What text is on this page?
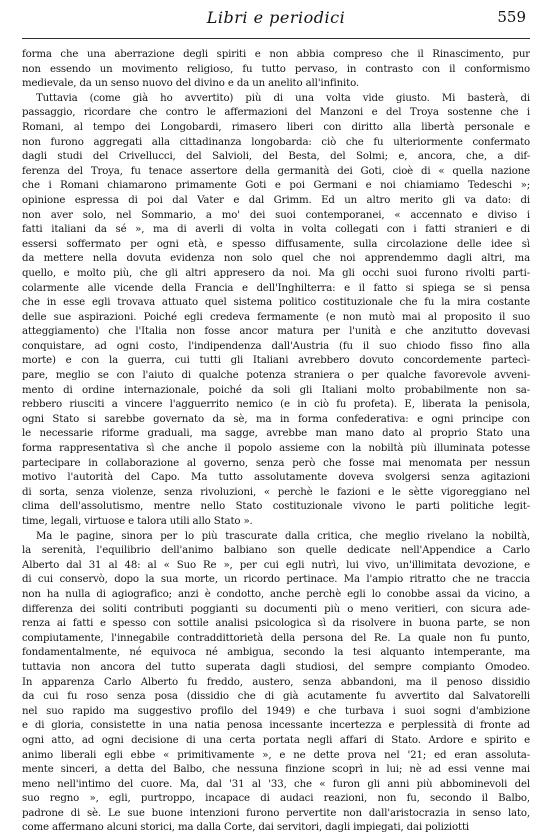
Libri e periodici	559
forma che una aberrazione degli spiriti e non abbia compreso che il Rinascimento, pur
non essendo un movimento religioso, fu tutto pervaso, in contrasto con il conformismo
medievale, da un senso nuovo del divino e da un anelito all'infinito.
Tuttavia (come già ho avvertito) più di una volta vide giusto. Mi basterà, di
passaggio, ricordare che contro le affermazioni del Manzoni e del Troya sostenne che i
Romani, al tempo dei Longobardi, rimasero liberi con diritto alla libertà personale e
non furono aggregati alla cittadinanza longobarda: ciò che fu ulteriormente confermato
dagli studi del Crivellucci, del Salvioli, del Besta, del Solmi; e, ancora, che, a dif-
ferenza del Troya, fu tenace assertore della germanità dei Goti, cioè di « quella nazione
che i Romani chiamarono primamente Goti e poi Germani e noi chiamiamo Tedeschi »;
opinione espressa di poi dal Vater e dal Grimm. Ed un altro merito gli va dato: di
non aver solo, nel Sommario, a mo' dei suoi contemporanei, « accennato e diviso i
fatti italiani da sé », ma di averli di volta in volta collegati con i fatti stranieri e di
essersi soffermato per ogni età, e spesso diffusamente, sulla circolazione delle idee sì
da mettere nella dovuta evidenza non solo quel che noi apprendemmo dagli altri, ma
quello, e molto più, che gli altri appresero da noi. Ma gli occhi suoi furono rivolti parti-
colarmente alle vicende della Francia e dell'Inghilterra: e il fatto si spiega se si pensa
che in esse egli trovava attuato quel sistema politico costituzionale che fu la mira costante
delle sue aspirazioni. Poiché egli credeva fermamente (e non mutò mai al proposito il suo
atteggiamento) che l'Italia non fosse ancor matura per l'unità e che anzitutto dovevasi
conquistare, ad ogni costo, l'indipendenza dall'Austria (fu il suo chiodo fisso fino alla
morte) e con la guerra, cui tutti gli Italiani avrebbero dovuto concordemente partecì-
pare, meglio se con l'aiuto di qualche potenza straniera o per qualche favorevole avveni-
mento di ordine internazionale, poiché da soli gli Italiani molto probabilmente non sa-
rebbero riusciti a vincere l'agguerrito nemico (e in ciò fu profeta). E, liberata la penisola,
ogni Stato si sarebbe governato da sè, ma in forma confederativa: e ogni principe con
le necessarie riforme graduali, ma sagge, avrebbe man mano dato al proprio Stato una
forma rappresentativa sì che anche il popolo assieme con la nobiltà più illuminata potesse
partecipare in collaborazione al governo, senza però che fosse mai menomata per nessun
motivo l'autorità del Capo. Ma tutto assolutamente doveva svolgersi senza agitazioni
di sorta, senza violenze, senza rivoluzioni, « perchè le fazioni e le sètte vigoreggiano nel
clima dell'assolutismo, mentre nello Stato costituzionale vivono le parti politiche legit-
time, legali, virtuose e talora utili allo Stato ».
Ma le pagine, sinora per lo più trascurate dalla critica, che meglio rivelano la nobiltà,
la serenità, l'equilibrio dell'animo balbiano son quelle dedicate nell'Appendice a Carlo
Alberto dal 31 al 48: al « Suo Re », per cui egli nutrì, lui vivo, un'illimitata devozione, e
di cui conservò, dopo la sua morte, un ricordo pertinace. Ma l'ampio ritratto che ne traccia
non ha nulla di agiografico; anzi è condotto, anche perchè egli lo conobbe assai da vicino, a
differenza dei soliti contributi poggianti su documenti più o meno veritieri, con sicura ade-
renza ai fatti e spesso con sottile analisi psicologica sì da risolvere in buona parte, se non
compiutamente, l'innegabile contraddittorietà della persona del Re. La quale non fu punto,
fondamentalmente, né equivoca né ambigua, secondo la tesi alquanto intemperante, ma
tuttavia non ancora del tutto superata dagli studiosi, del sempre compianto Omodeo.
In apparenza Carlo Alberto fu freddo, austero, senza abbandoni, ma il penoso dissidio
da cui fu roso senza posa (dissidio che di già acutamente fu avvertito dal Salvatorelli
nel suo rapido ma suggestivo profilo del 1949) e che turbava i suoi sogni d'ambizione
e di gloria, consistette in una natia penosa incessante incertezza e perplessità di fronte ad
ogni atto, ad ogni decisione di una certa portata negli affari di Stato. Ardore e spirito e
animo liberali egli ebbe « primitivamente », e ne dette prova nel '21; ed eran assoluta-
mente sinceri, a detta del Balbo, che nessuna finzione scoprì in lui; nè ad essi venne mai
meno nell'intimo del cuore. Ma, dal '31 al '33, che « furon gli anni più abbominevoli del
suo regno », egli, purtroppo, incapace di audaci reazioni, non fu, secondo il Balbo,
padrone di sè. Le sue buone intenzioni furono pervertite non dall'aristocrazia in senso lato,
come affermano alcuni storici, ma dalla Corte, dai servitori, dagli impiegati, dai poliziotti
